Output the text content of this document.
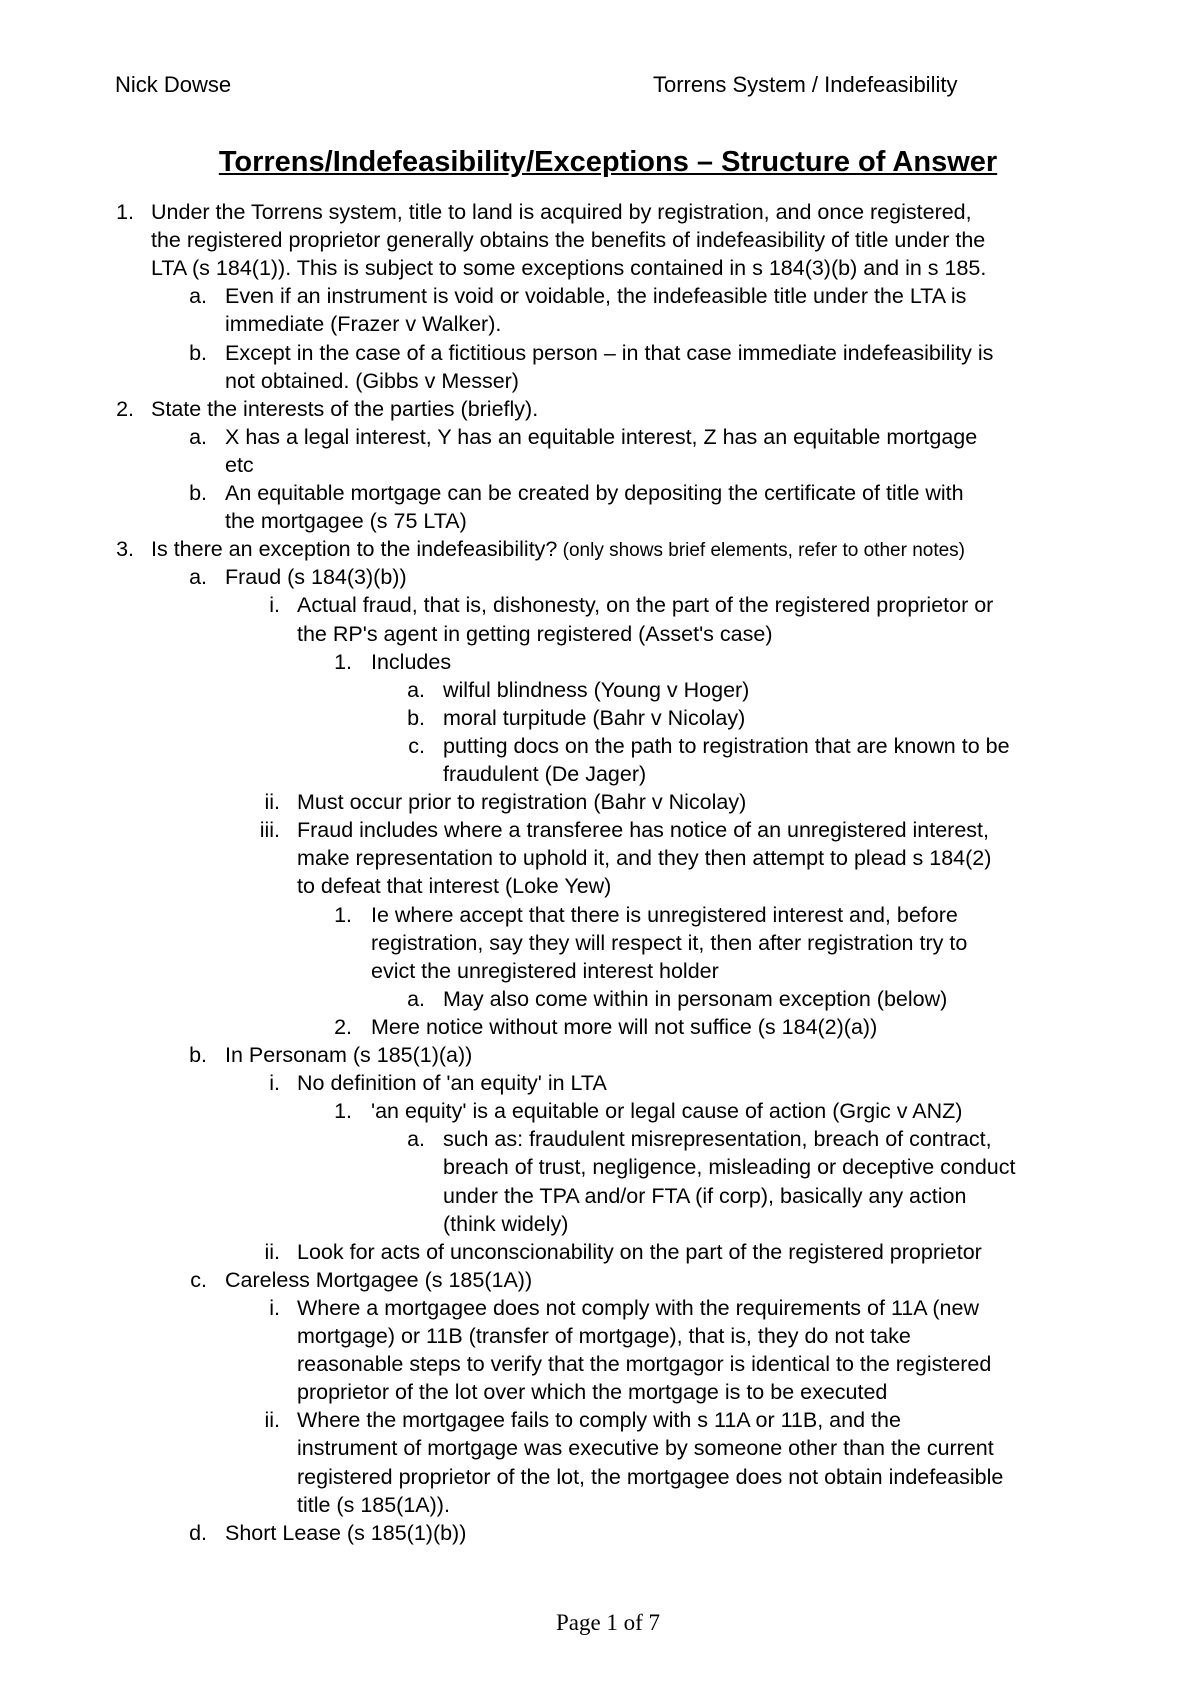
Nick Dowse	Torrens System / Indefeasibility
Torrens/Indefeasibility/Exceptions – Structure of Answer
1. Under the Torrens system, title to land is acquired by registration, and once registered,
the registered proprietor generally obtains the benefits of indefeasibility of title under the
LTA (s 184(1)). This is subject to some exceptions contained in s 184(3)(b) and in s 185.
a. Even if an instrument is void or voidable, the indefeasible title under the LTA is
immediate (Frazer v Walker).
b. Except in the case of a fictitious person – in that case immediate indefeasibility is
not obtained. (Gibbs v Messer)
2. State the interests of the parties (briefly).
a. X has a legal interest, Y has an equitable interest, Z has an equitable mortgage
etc
b. An equitable mortgage can be created by depositing the certificate of title with
the mortgagee (s 75 LTA)
3. Is there an exception to the indefeasibility? (only shows brief elements, refer to other notes)
a. Fraud (s 184(3)(b))
i. Actual fraud, that is, dishonesty, on the part of the registered proprietor or
the RP's agent in getting registered (Asset's case)
1. Includes
a. wilful blindness (Young v Hoger)
b. moral turpitude (Bahr v Nicolay)
c. putting docs on the path to registration that are known to be
fraudulent (De Jager)
ii. Must occur prior to registration (Bahr v Nicolay)
iii. Fraud includes where a transferee has notice of an unregistered interest,
make representation to uphold it, and they then attempt to plead s 184(2)
to defeat that interest (Loke Yew)
1. Ie where accept that there is unregistered interest and, before
registration, say they will respect it, then after registration try to
evict the unregistered interest holder
a. May also come within in personam exception (below)
2. Mere notice without more will not suffice (s 184(2)(a))
b. In Personam (s 185(1)(a))
i. No definition of 'an equity' in LTA
1. 'an equity' is a equitable or legal cause of action (Grgic v ANZ)
a. such as: fraudulent misrepresentation, breach of contract,
breach of trust, negligence, misleading or deceptive conduct
under the TPA and/or FTA (if corp), basically any action
(think widely)
ii. Look for acts of unconscionability on the part of the registered proprietor
c. Careless Mortgagee (s 185(1A))
i. Where a mortgagee does not comply with the requirements of 11A (new
mortgage) or 11B (transfer of mortgage), that is, they do not take
reasonable steps to verify that the mortgagor is identical to the registered
proprietor of the lot over which the mortgage is to be executed
ii. Where the mortgagee fails to comply with s 11A or 11B, and the
instrument of mortgage was executive by someone other than the current
registered proprietor of the lot, the mortgagee does not obtain indefeasible
title (s 185(1A)).
d. Short Lease (s 185(1)(b))
Page 1 of 7
